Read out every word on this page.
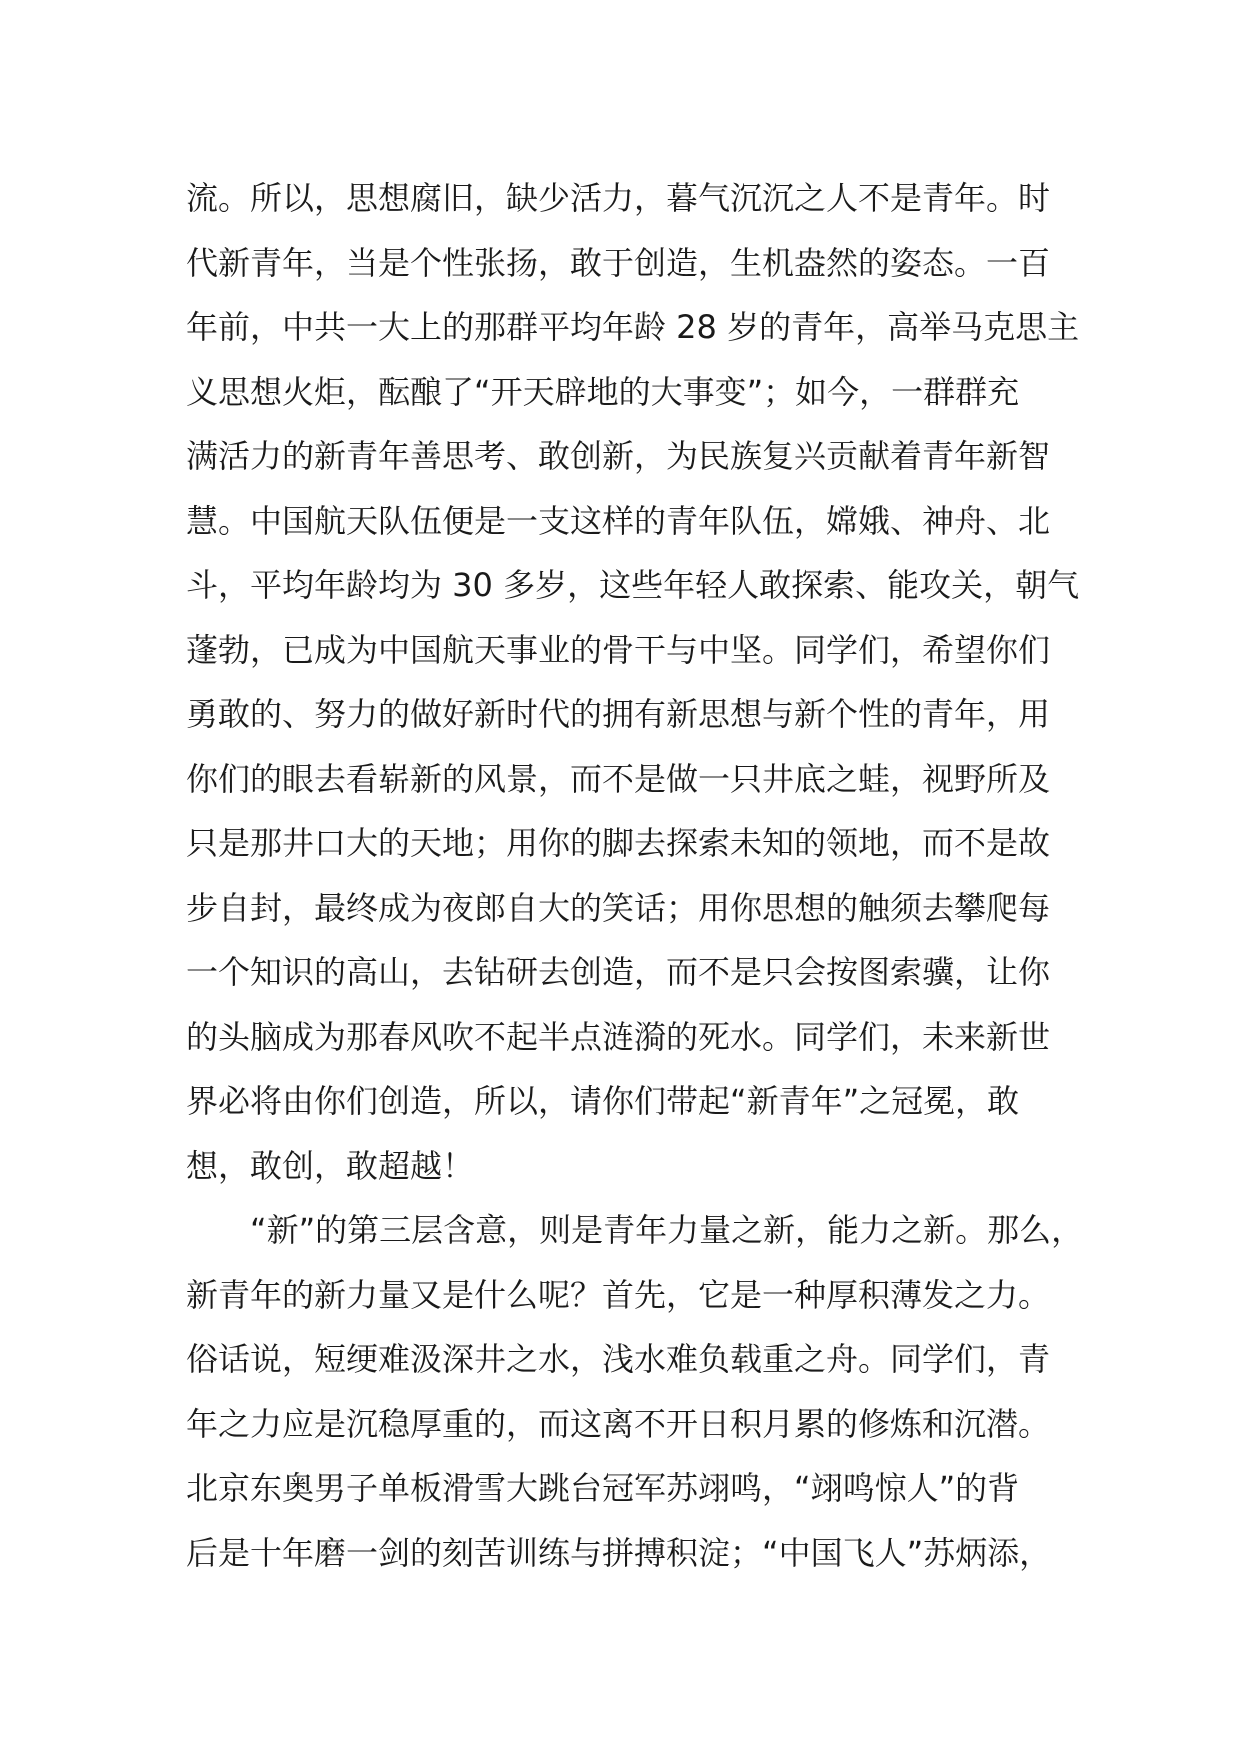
流。所以，思想腐旧，缺少活力，暮气沉沉之人不是青年。时
代新青年，当是个性张扬，敢于创造，生机盎然的姿态。一百
年前，中共一大上的那群平均年龄 28 岁的青年，高举马克思主
义思想火炬，酝酿了“开天辟地的大事变”；如今，一群群充
满活力的新青年善思考、敢创新，为民族复兴贡献着青年新智
慧。中国航天队伍便是一支这样的青年队伍，嫦娥、神舟、北
斗，平均年龄均为 30 多岁，这些年轻人敢探索、能攻关，朝气
蓬勃，已成为中国航天事业的骨干与中坚。同学们，希望你们
勇敢的、努力的做好新时代的拥有新思想与新个性的青年，用
你们的眼去看崭新的风景，而不是做一只井底之蛙，视野所及
只是那井口大的天地；用你的脚去探索未知的领地，而不是故
步自封，最终成为夜郎自大的笑话；用你思想的触须去攀爬每
一个知识的高山，去钻研去创造，而不是只会按图索骥，让你
的头脑成为那春风吹不起半点涟漪的死水。同学们，未来新世
界必将由你们创造，所以，请你们带起“新青年”之冠冕，敢
想，敢创，敢超越！
“新”的第三层含意，则是青年力量之新，能力之新。那么，
新青年的新力量又是什么呢？首先，它是一种厚积薄发之力。
俗话说，短绠难汲深井之水，浅水难负载重之舟。同学们，青
年之力应是沉稳厚重的，而这离不开日积月累的修炼和沉潜。
北京东奥男子单板滑雪大跳台冠军苏翊鸣，“翊鸣惊人”的背
后是十年磨一剑的刻苦训练与拼搏积淀；“中国飞人”苏炳添，
